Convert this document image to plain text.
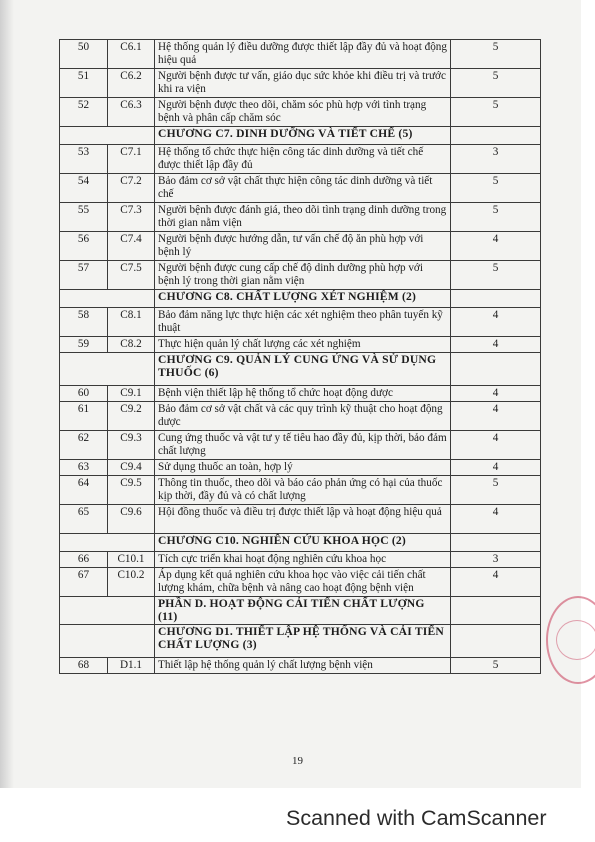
50	C6.1	Hệ thống quản lý điều dưỡng được thiết lập đầy đủ và hoạt động hiệu quả	5
51	C6.2	Người bệnh được tư vấn, giáo dục sức khỏe khi điều trị và trước khi ra viện	5
52	C6.3	Người bệnh được theo dõi, chăm sóc phù hợp với tình trạng bệnh và phân cấp chăm sóc	5
		CHƯƠNG C7. DINH DƯỠNG VÀ TIẾT CHẾ (5)	
53	C7.1	Hệ thống tổ chức thực hiện công tác dinh dưỡng và tiết chế được thiết lập đầy đủ	3
54	C7.2	Bảo đảm cơ sở vật chất thực hiện công tác dinh dưỡng và tiết chế	5
55	C7.3	Người bệnh được đánh giá, theo dõi tình trạng dinh dưỡng trong thời gian nằm viện	5
56	C7.4	Người bệnh được hướng dẫn, tư vấn chế độ ăn phù hợp với bệnh lý	4
57	C7.5	Người bệnh được cung cấp chế độ dinh dưỡng phù hợp với bệnh lý trong thời gian nằm viện	5
		CHƯƠNG C8. CHẤT LƯỢNG XÉT NGHIỆM (2)	
58	C8.1	Bảo đảm năng lực thực hiện các xét nghiệm theo phân tuyến kỹ thuật	4
59	C8.2	Thực hiện quản lý chất lượng các xét nghiệm	4
		CHƯƠNG C9. QUẢN LÝ CUNG ỨNG VÀ SỬ DỤNG THUỐC (6)	
60	C9.1	Bệnh viện thiết lập hệ thống tổ chức hoạt động dược	4
61	C9.2	Bảo đảm cơ sở vật chất và các quy trình kỹ thuật cho hoạt động dược	4
62	C9.3	Cung ứng thuốc và vật tư y tế tiêu hao đầy đủ, kịp thời, bảo đảm chất lượng	4
63	C9.4	Sử dụng thuốc an toàn, hợp lý	4
64	C9.5	Thông tin thuốc, theo dõi và báo cáo phản ứng có hại của thuốc kịp thời, đầy đủ và có chất lượng	5
65	C9.6	Hội đồng thuốc và điều trị được thiết lập và hoạt động hiệu quả	4
		CHƯƠNG C10. NGHIÊN CỨU KHOA HỌC (2)	
66	C10.1	Tích cực triển khai hoạt động nghiên cứu khoa học	3
67	C10.2	Áp dụng kết quả nghiên cứu khoa học vào việc cải tiến chất lượng khám, chữa bệnh và nâng cao hoạt động bệnh viện	4
		PHẦN D. HOẠT ĐỘNG CẢI TIẾN CHẤT LƯỢNG (11)	
		CHƯƠNG D1. THIẾT LẬP HỆ THỐNG VÀ CẢI TIẾN CHẤT LƯỢNG (3)	
68	D1.1	Thiết lập hệ thống quản lý chất lượng bệnh viện	5
19
Scanned with CamScanner
